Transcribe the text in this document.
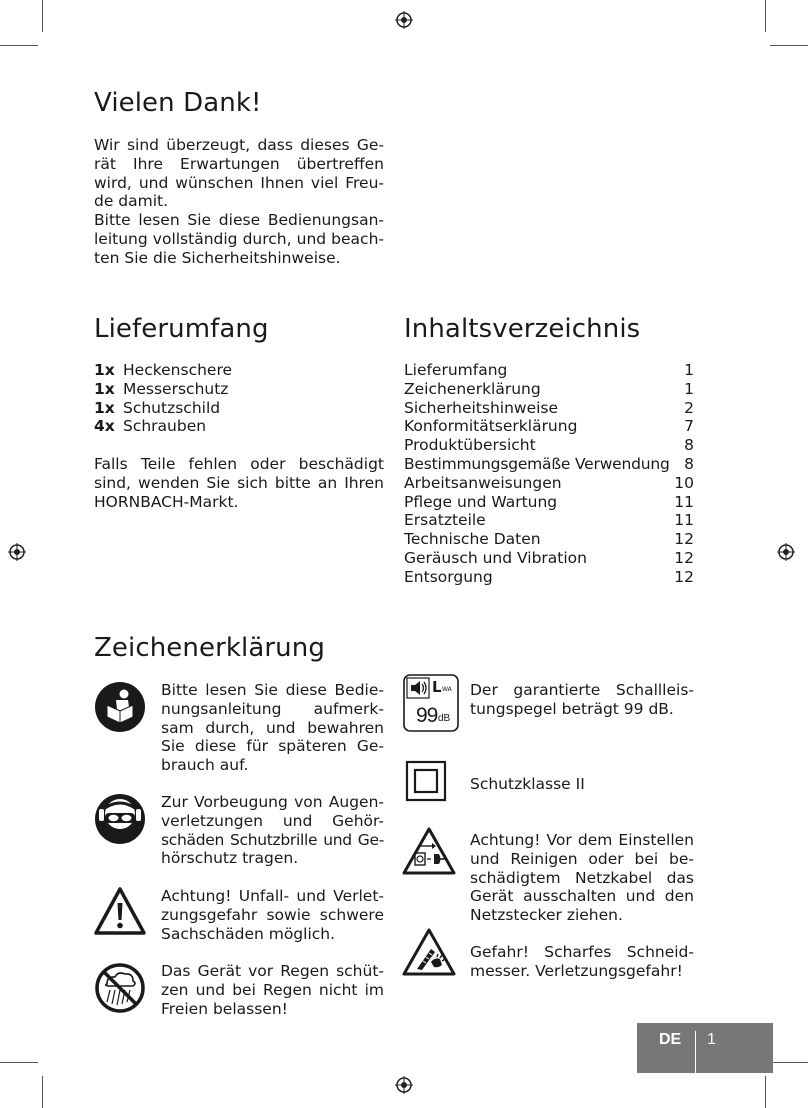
Vielen Dank!
Wir sind überzeugt, dass dieses Ge-
rät Ihre Erwartungen übertreffen
wird, und wünschen Ihnen viel Freu-
de damit.
Bitte lesen Sie diese Bedienungsan-
leitung vollständig durch, und beach-
ten Sie die Sicherheitshinweise.
Lieferumfang
1x Heckenschere
1x Messerschutz
1x Schutzschild
4x Schrauben
Falls Teile fehlen oder beschädigt
sind, wenden Sie sich bitte an Ihren
HORNBACH-Markt.
Inhaltsverzeichnis
Lieferumfang	1
Zeichenerklärung	1
Sicherheitshinweise	2
Konformitätserklärung	7
Produktübersicht	8
Bestimmungsgemäße Verwendung 8
Arbeitsanweisungen	10
Pflege und Wartung	11
Ersatzteile	11
Technische Daten	12
Geräusch und Vibration	12
Entsorgung	12
Zeichenerklärung
Bitte lesen Sie diese Bedie-
nungsanleitung aufmerk-
sam durch, und bewahren
Sie diese für späteren Ge-
brauch auf.
Zur Vorbeugung von Augen-
verletzungen und Gehör-
schäden Schutzbrille und Ge-
hörschutz tragen.
Achtung! Unfall- und Verlet-
zungsgefahr sowie schwere
Sachschäden möglich.
Das Gerät vor Regen schüt-
zen und bei Regen nicht im
Freien belassen!
L WA
99 dB
Der garantierte Schallleis-
tungspegel beträgt 99 dB.
Schutzklasse II
Achtung! Vor dem Einstellen
und Reinigen oder bei be-
schädigtem Netzkabel das
Gerät ausschalten und den
Netzstecker ziehen.
Gefahr! Scharfes Schneid-
messer. Verletzungsgefahr!
DE 1
